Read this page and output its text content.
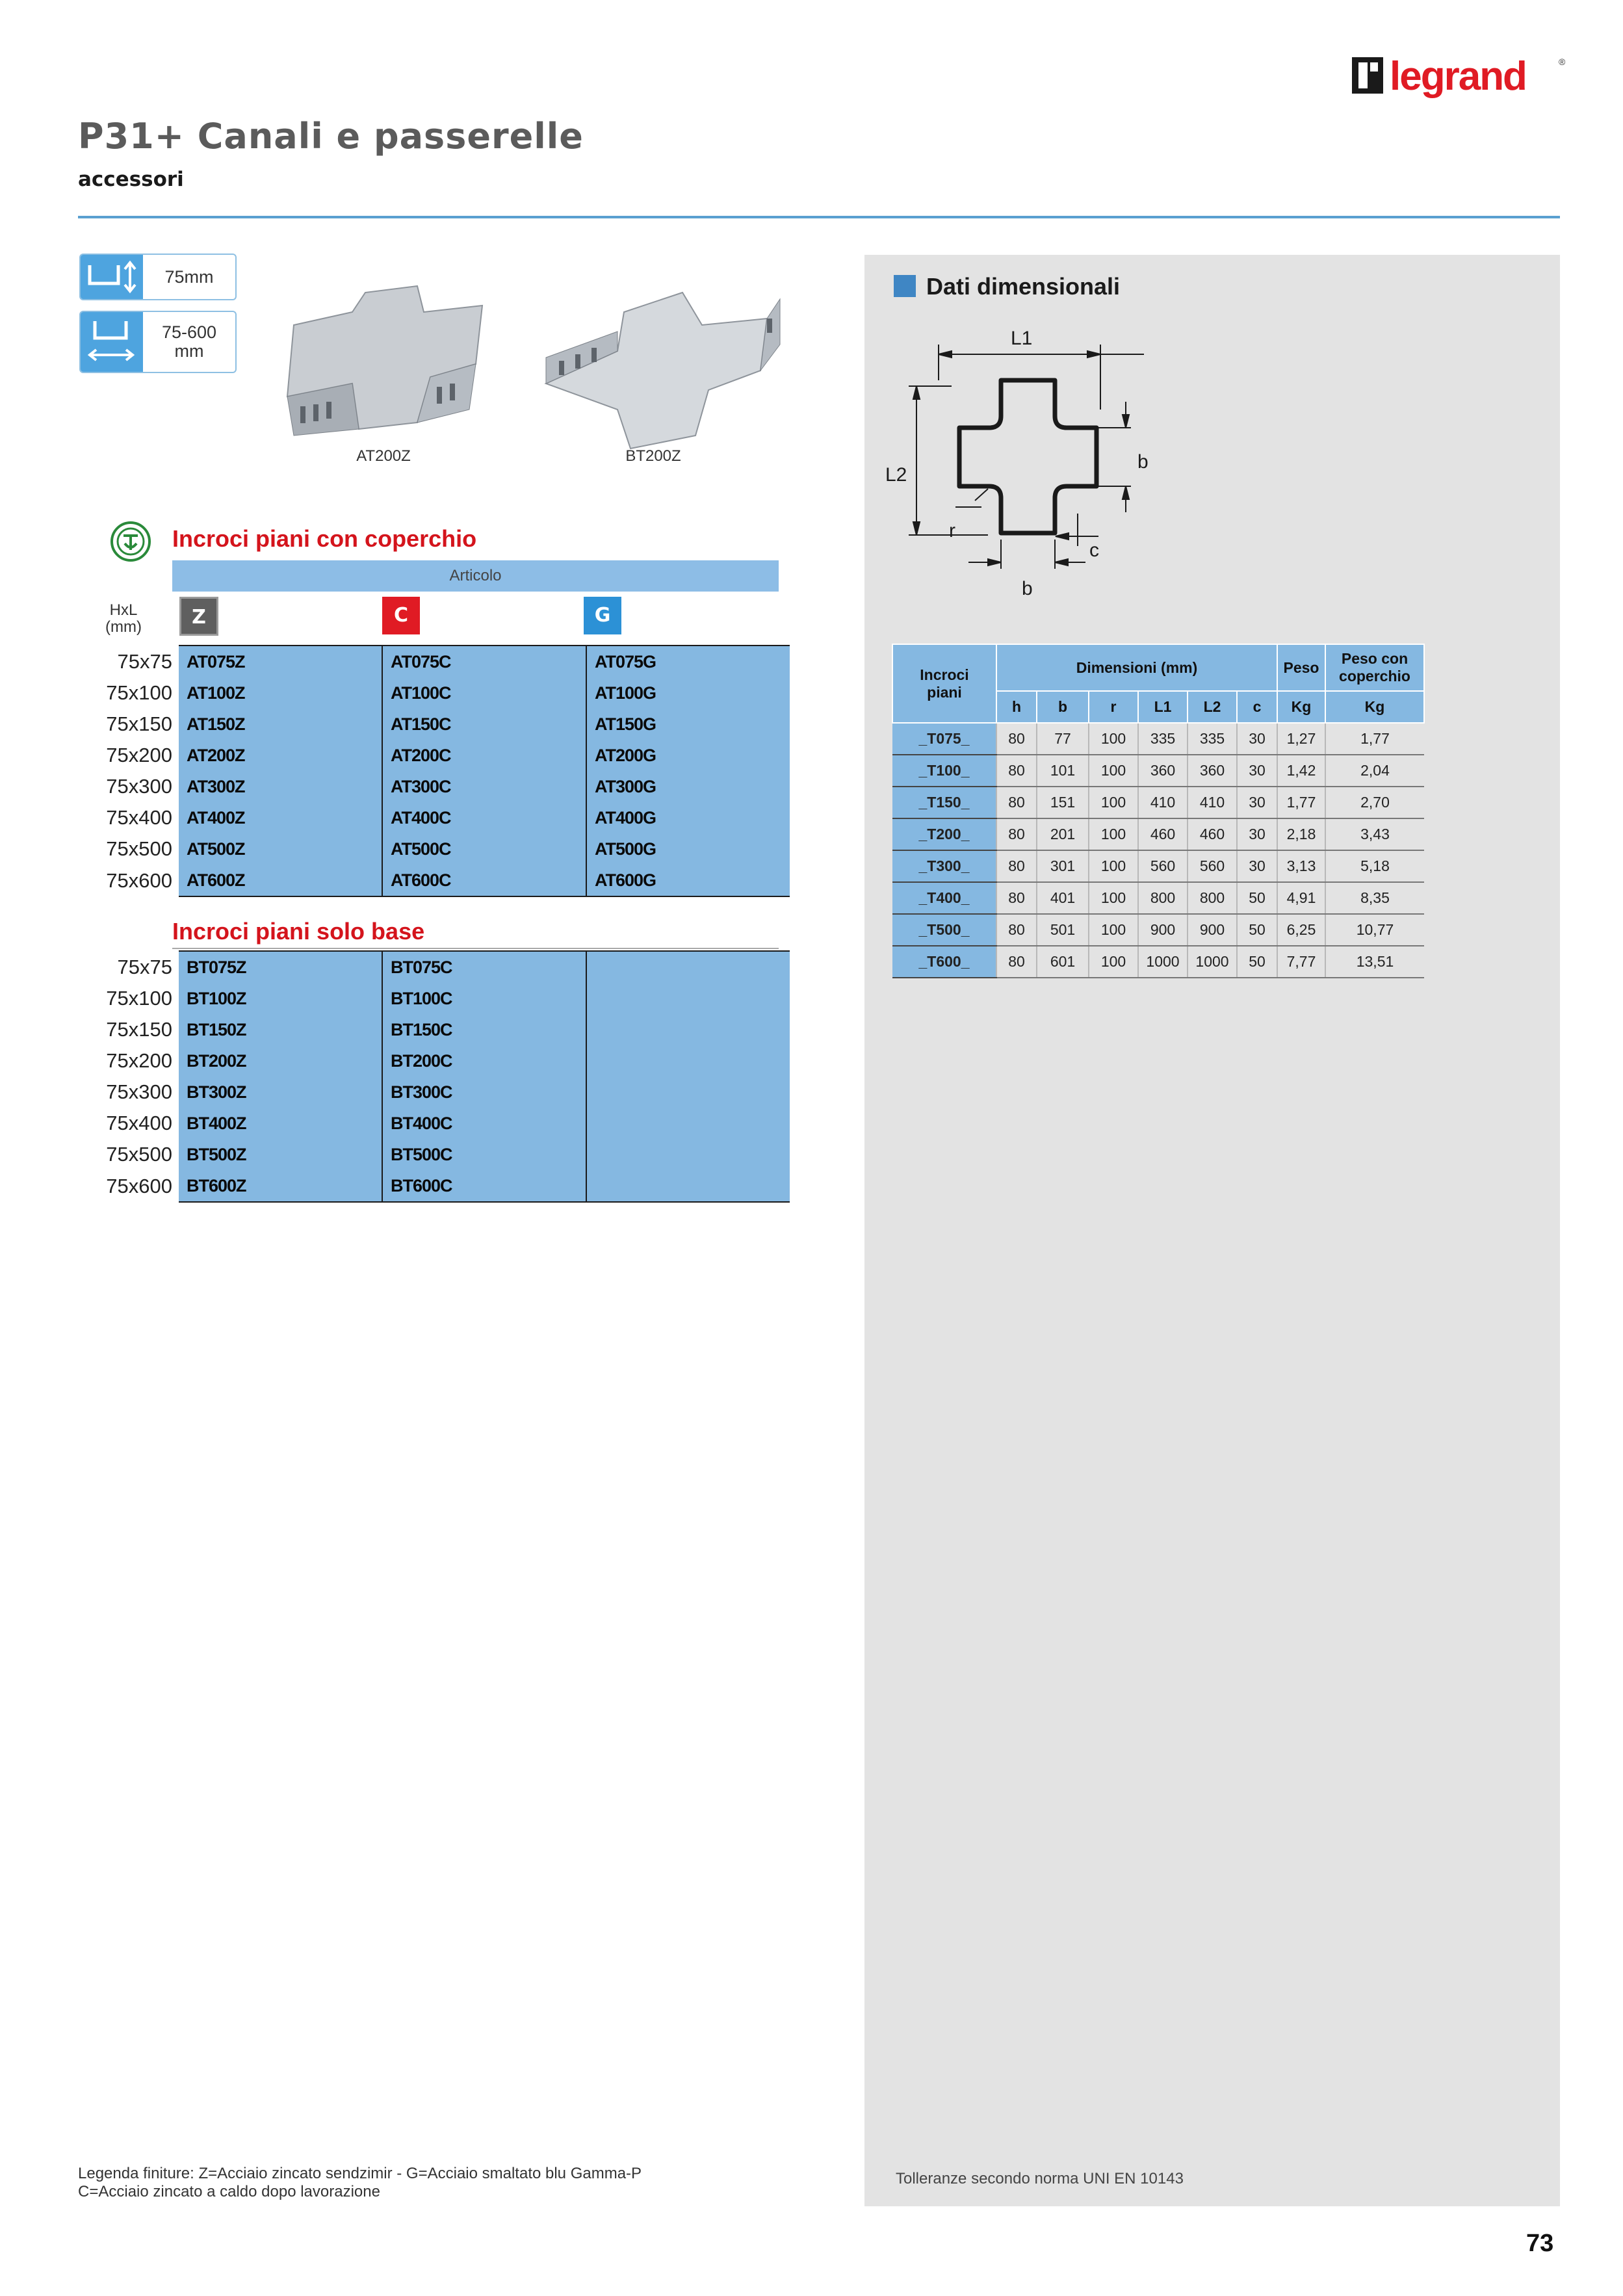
legrand	®
P31+ Canali e passerelle
accessori
Dati dimensionali
75mm
75-600
mm
AT200Z	BT200Z
Incroci piani con coperchio
Articolo
HxL
(mm)	Z	C	G
75x75	AT075Z	AT075C	AT075G
75x100	AT100Z	AT100C	AT100G
75x150	AT150Z	AT150C	AT150G
75x200	AT200Z	AT200C	AT200G
75x300	AT300Z	AT300C	AT300G
75x400	AT400Z	AT400C	AT400G
75x500	AT500Z	AT500C	AT500G
75x600	AT600Z	AT600C	AT600G
Incroci piani solo base
75x75	BT075Z	BT075C	
75x100	BT100Z	BT100C	
75x150	BT150Z	BT150C	
75x200	BT200Z	BT200C	
75x300	BT300Z	BT300C	
75x400	BT400Z	BT400C	
75x500	BT500Z	BT500C	
75x600	BT600Z	BT600C	
L1
L2
b
b
r
c
Incroci
piani	Dimensioni (mm)						Peso	Peso con
coperchio
	h	b	r	L1	L2	c	Kg	Kg
_T075_	80	77	100	335	335	30	1,27	1,77
_T100_	80	101	100	360	360	30	1,42	2,04
_T150_	80	151	100	410	410	30	1,77	2,70
_T200_	80	201	100	460	460	30	2,18	3,43
_T300_	80	301	100	560	560	30	3,13	5,18
_T400_	80	401	100	800	800	50	4,91	8,35
_T500_	80	501	100	900	900	50	6,25	10,77
_T600_	80	601	100	1000	1000	50	7,77	13,51
Tolleranze secondo norma UNI EN 10143
Legenda finiture: Z=Acciaio zincato sendzimir - G=Acciaio smaltato blu Gamma-P
C=Acciaio zincato a caldo dopo lavorazione
73
